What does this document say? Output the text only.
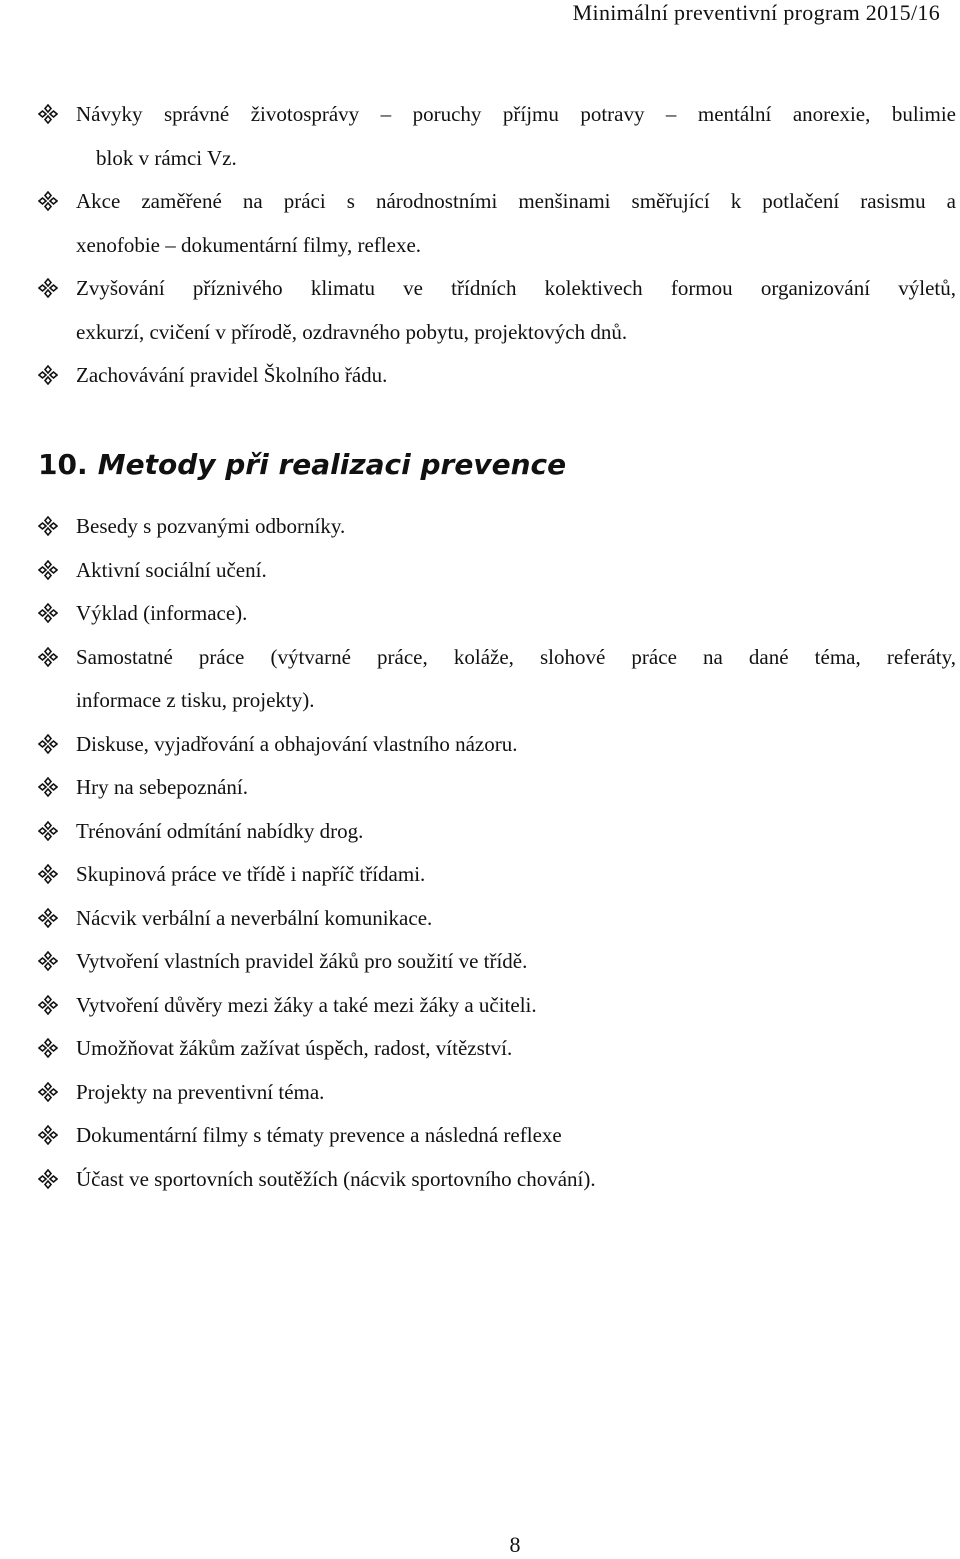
Minimální preventivní program 2015/16
Návyky správné životosprávy – poruchy příjmu potravy – mentální anorexie, bulimie
blok v rámci Vz.
Akce zaměřené na práci s národnostními menšinami směřující k potlačení rasismu a
xenofobie – dokumentární filmy, reflexe.
Zvyšování příznivého klimatu ve třídních kolektivech formou organizování výletů,
exkurzí, cvičení v přírodě, ozdravného pobytu, projektových dnů.
Zachovávání pravidel Školního řádu.
10. Metody při realizaci prevence
Besedy s pozvanými odborníky.
Aktivní sociální učení.
Výklad (informace).
Samostatné práce (výtvarné práce, koláže, slohové práce na dané téma, referáty,
informace z tisku, projekty).
Diskuse, vyjadřování a obhajování vlastního názoru.
Hry na sebepoznání.
Trénování odmítání nabídky drog.
Skupinová práce ve třídě i napříč třídami.
Nácvik verbální a neverbální komunikace.
Vytvoření vlastních pravidel žáků pro soužití ve třídě.
Vytvoření důvěry mezi žáky a také mezi žáky a učiteli.
Umožňovat žákům zažívat úspěch, radost, vítězství.
Projekty na preventivní téma.
Dokumentární filmy s tématy prevence a následná reflexe
Účast ve sportovních soutěžích (nácvik sportovního chování).
8
